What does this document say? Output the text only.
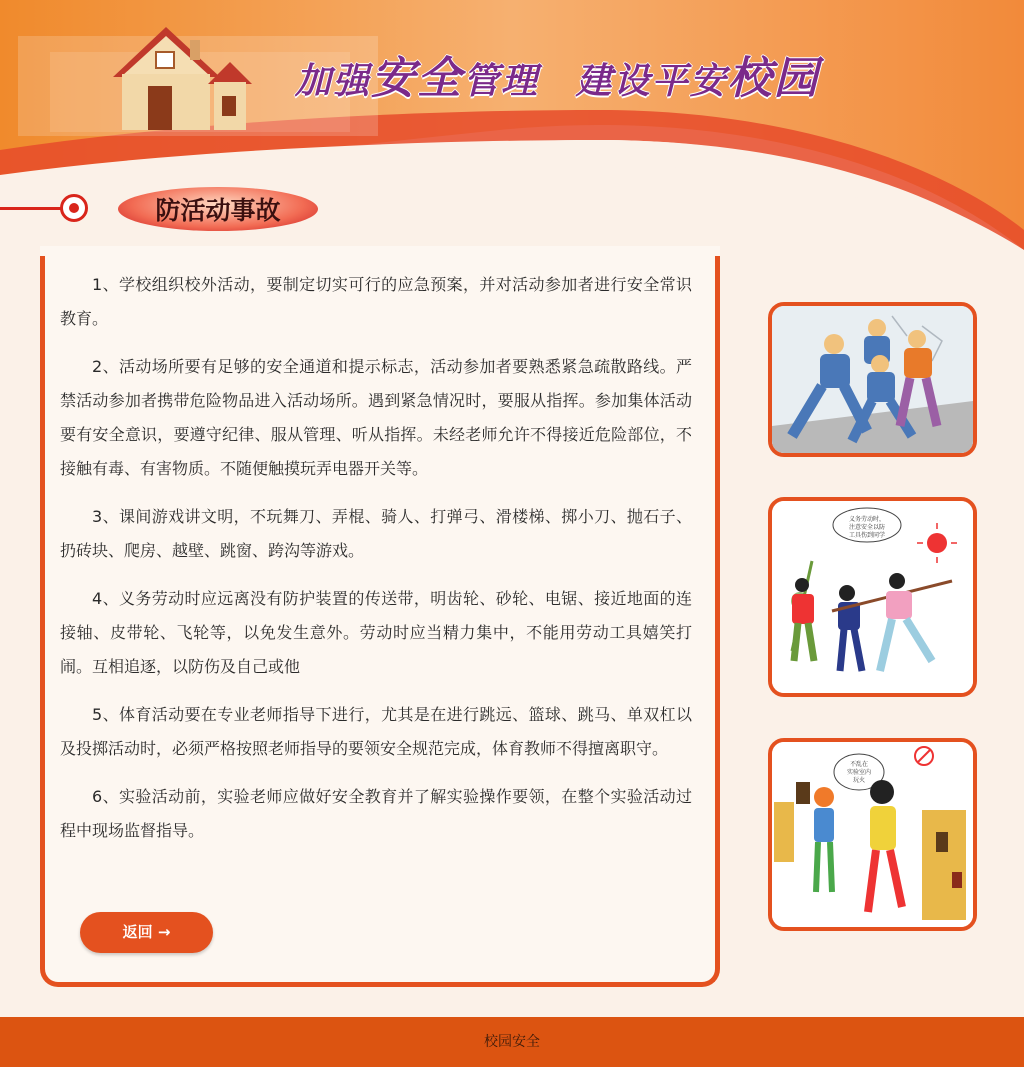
加强安全管理 建设平安校园
防活动事故

1、学校组织校外活动，要制定切实可行的应急预案，并对活动参加者进行安全常识教育。

2、活动场所要有足够的安全通道和提示标志，活动参加者要熟悉紧急疏散路线。严禁活动参加者携带危险物品进入活动场所。遇到紧急情况时，要服从指挥。参加集体活动要有安全意识，要遵守纪律、服从管理、听从指挥。未经老师允许不得接近危险部位，不接触有毒、有害物质。不随便触摸玩弄电器开关等。

3、课间游戏讲文明，不玩舞刀、弄棍、骑人、打弹弓、滑楼梯、掷小刀、抛石子、扔砖块、爬房、越壁、跳窗、跨沟等游戏。

4、义务劳动时应远离没有防护装置的传送带，明齿轮、砂轮、电锯、接近地面的连接轴、皮带轮、飞轮等，以免发生意外。劳动时应当精力集中，不能用劳动工具嬉笑打闹。互相追逐，以防伤及自己或他

5、体育活动要在专业老师指导下进行，尤其是在进行跳远、篮球、跳马、单双杠以及投掷活动时，必须严格按照老师指导的要领安全规范完成，体育教师不得擅离职守。

6、实验活动前，实验老师应做好安全教育并了解实验操作要领，在整个实验活动过程中现场监督指导。

返回 →
义务劳动时，
注意安全以防
工具伤到同学
不乱在
实验室内
玩火
校园安全
